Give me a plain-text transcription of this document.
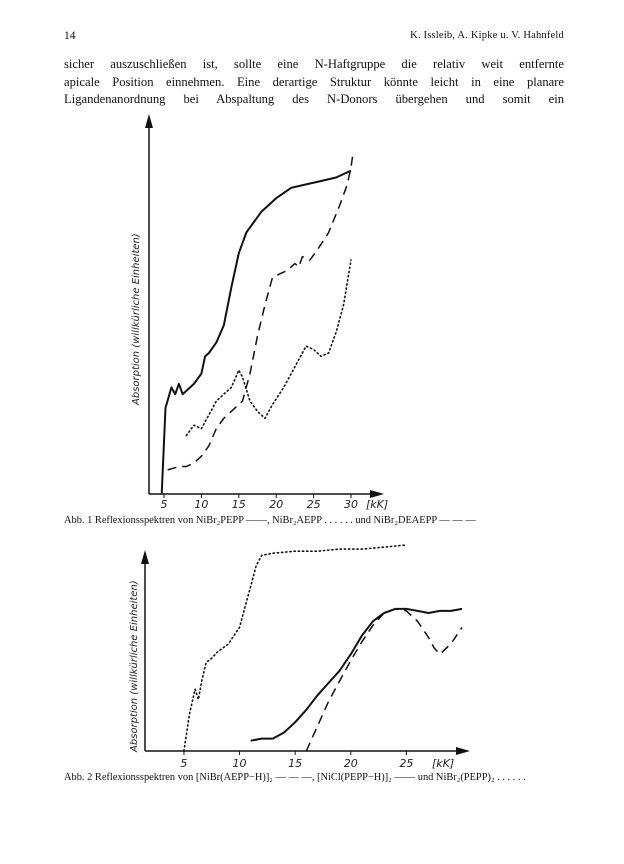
14	K. Issleib, A. Kipke u. V. Hahnfeld
sicher auszuschließen ist, sollte eine N-Haftgruppe die relativ weit entfernte
apicale Position einnehmen. Eine derartige Struktur könnte leicht in eine planare
Ligandenanordnung bei Abspaltung des N-Donors übergehen und somit ein
Absorption (willkürliche Einheiten)
5 10 15 20 25 30 [kK]
Abb. 1 Reflexionsspektren von NiBr₂PEPP ——, NiBr₂AEPP . . . . . . und NiBr₂DEAEPP — — —
Absorption (willkürliche Einheiten)
5	10	15	20	25 [kK]
Abb. 2 Reflexionsspektren von [NiBr(AEPP−H)]₂ — — —, [NiCl(PEPP−H)]₂ —— und NiBr₂(PEPP)₂ . . . . . .
